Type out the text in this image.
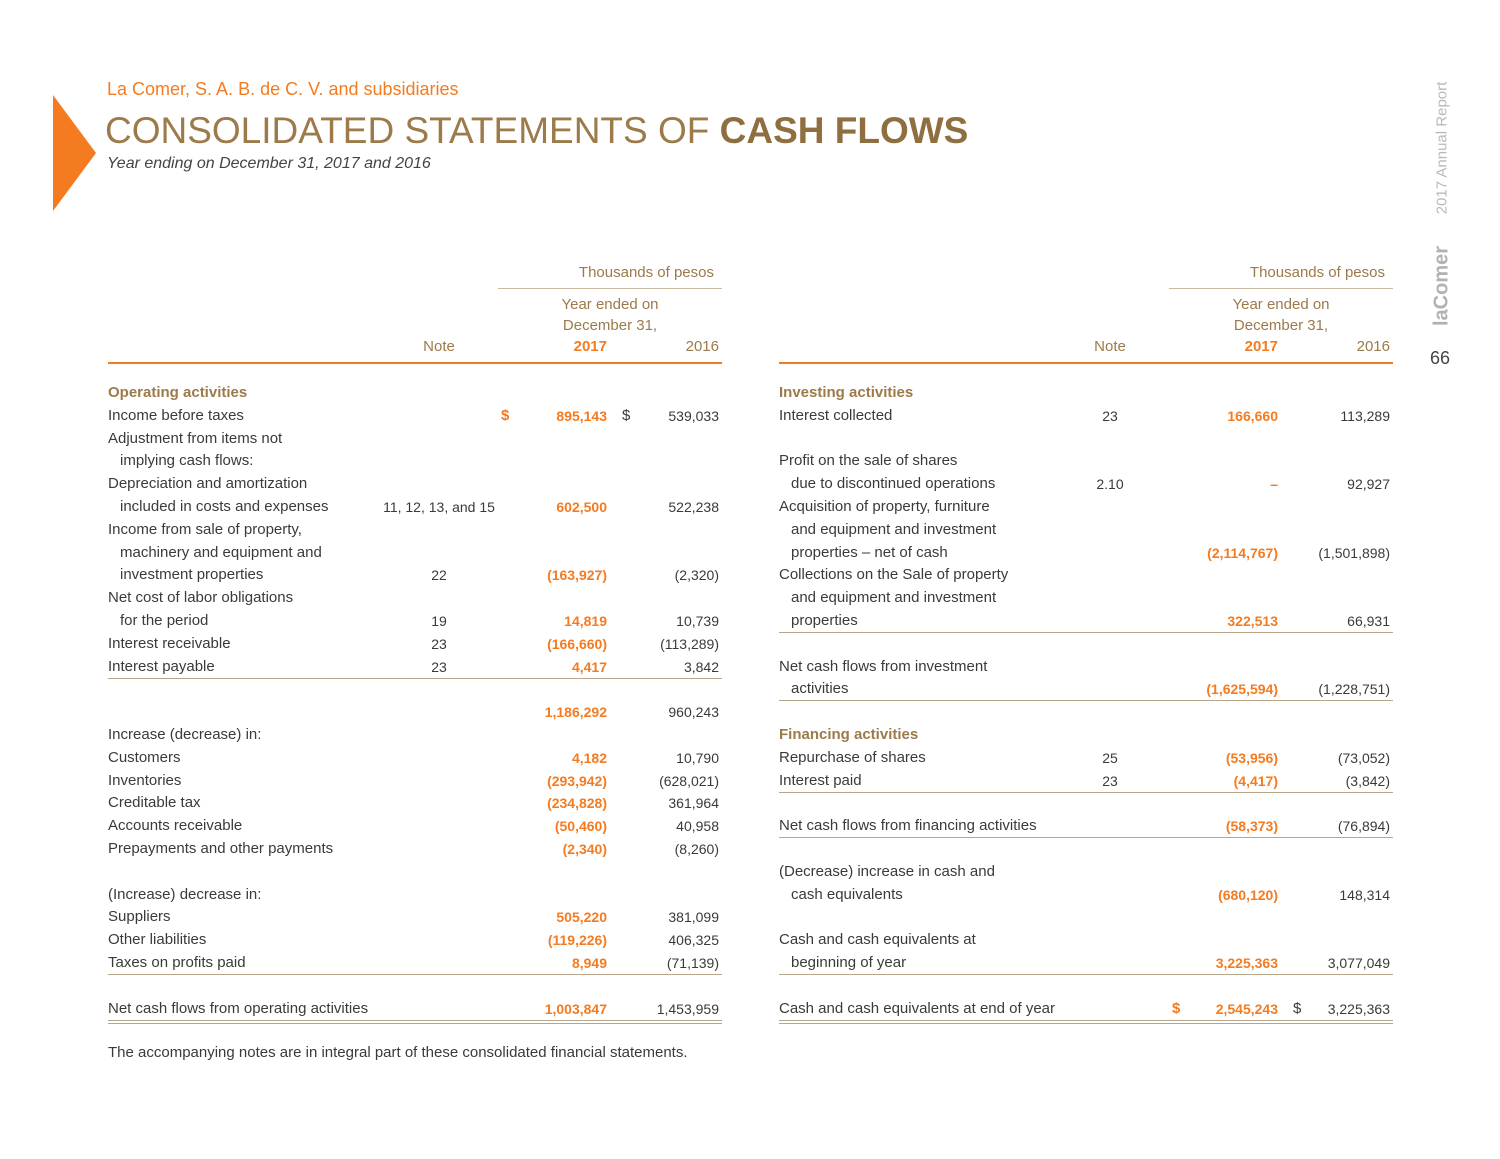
La Comer, S. A. B. de C. V. and subsidiaries
CONSOLIDATED STATEMENTS OF CASH FLOWS
Year ending on December 31, 2017 and 2016	2017 Annual Report
laComer
66
Thousands of pesos
Year ended on
December 31,
Note	2017	2016
Operating activities
Income before taxes	$	895,143 $	539,033
Adjustment from items not
implying cash flows:
Depreciation and amortization
included in costs and expenses	11, 12, 13, and 15	602,500	522,238
Income from sale of property,
machinery and equipment and
investment properties	22	(163,927)	(2,320)
Net cost of labor obligations
for the period	19	14,819	10,739
Interest receivable	23	(166,660)	(113,289)
Interest payable	23	4,417	3,842
1,186,292	960,243
Increase (decrease) in:
Customers	4,182	10,790
Inventories	(293,942)	(628,021)
Creditable tax	(234,828)	361,964
Accounts receivable	(50,460)	40,958
Prepayments and other payments	(2,340)	(8,260)
(Increase) decrease in:
Suppliers	505,220	381,099
Other liabilities	(119,226)	406,325
Taxes on profits paid	8,949	(71,139)
Net cash flows from operating activities	1,003,847	1,453,959
Thousands of pesos
Year ended on
December 31,
Note	2017	2016
Investing activities
Interest collected	23	166,660	113,289
Profit on the sale of shares
due to discontinued operations	2.10	–	92,927
Acquisition of property, furniture
and equipment and investment
properties – net of cash	(2,114,767)	(1,501,898)
Collections on the Sale of property
and equipment and investment
properties	322,513	66,931
Net cash flows from investment
activities	(1,625,594)	(1,228,751)
Financing activities
Repurchase of shares	25	(53,956)	(73,052)
Interest paid	23	(4,417)	(3,842)
Net cash flows from financing activities	(58,373)	(76,894)
(Decrease) increase in cash and
cash equivalents	(680,120)	148,314
Cash and cash equivalents at
beginning of year	3,225,363	3,077,049
Cash and cash equivalents at end of year	$	2,545,243 $	3,225,363
The accompanying notes are in integral part of these consolidated financial statements.
